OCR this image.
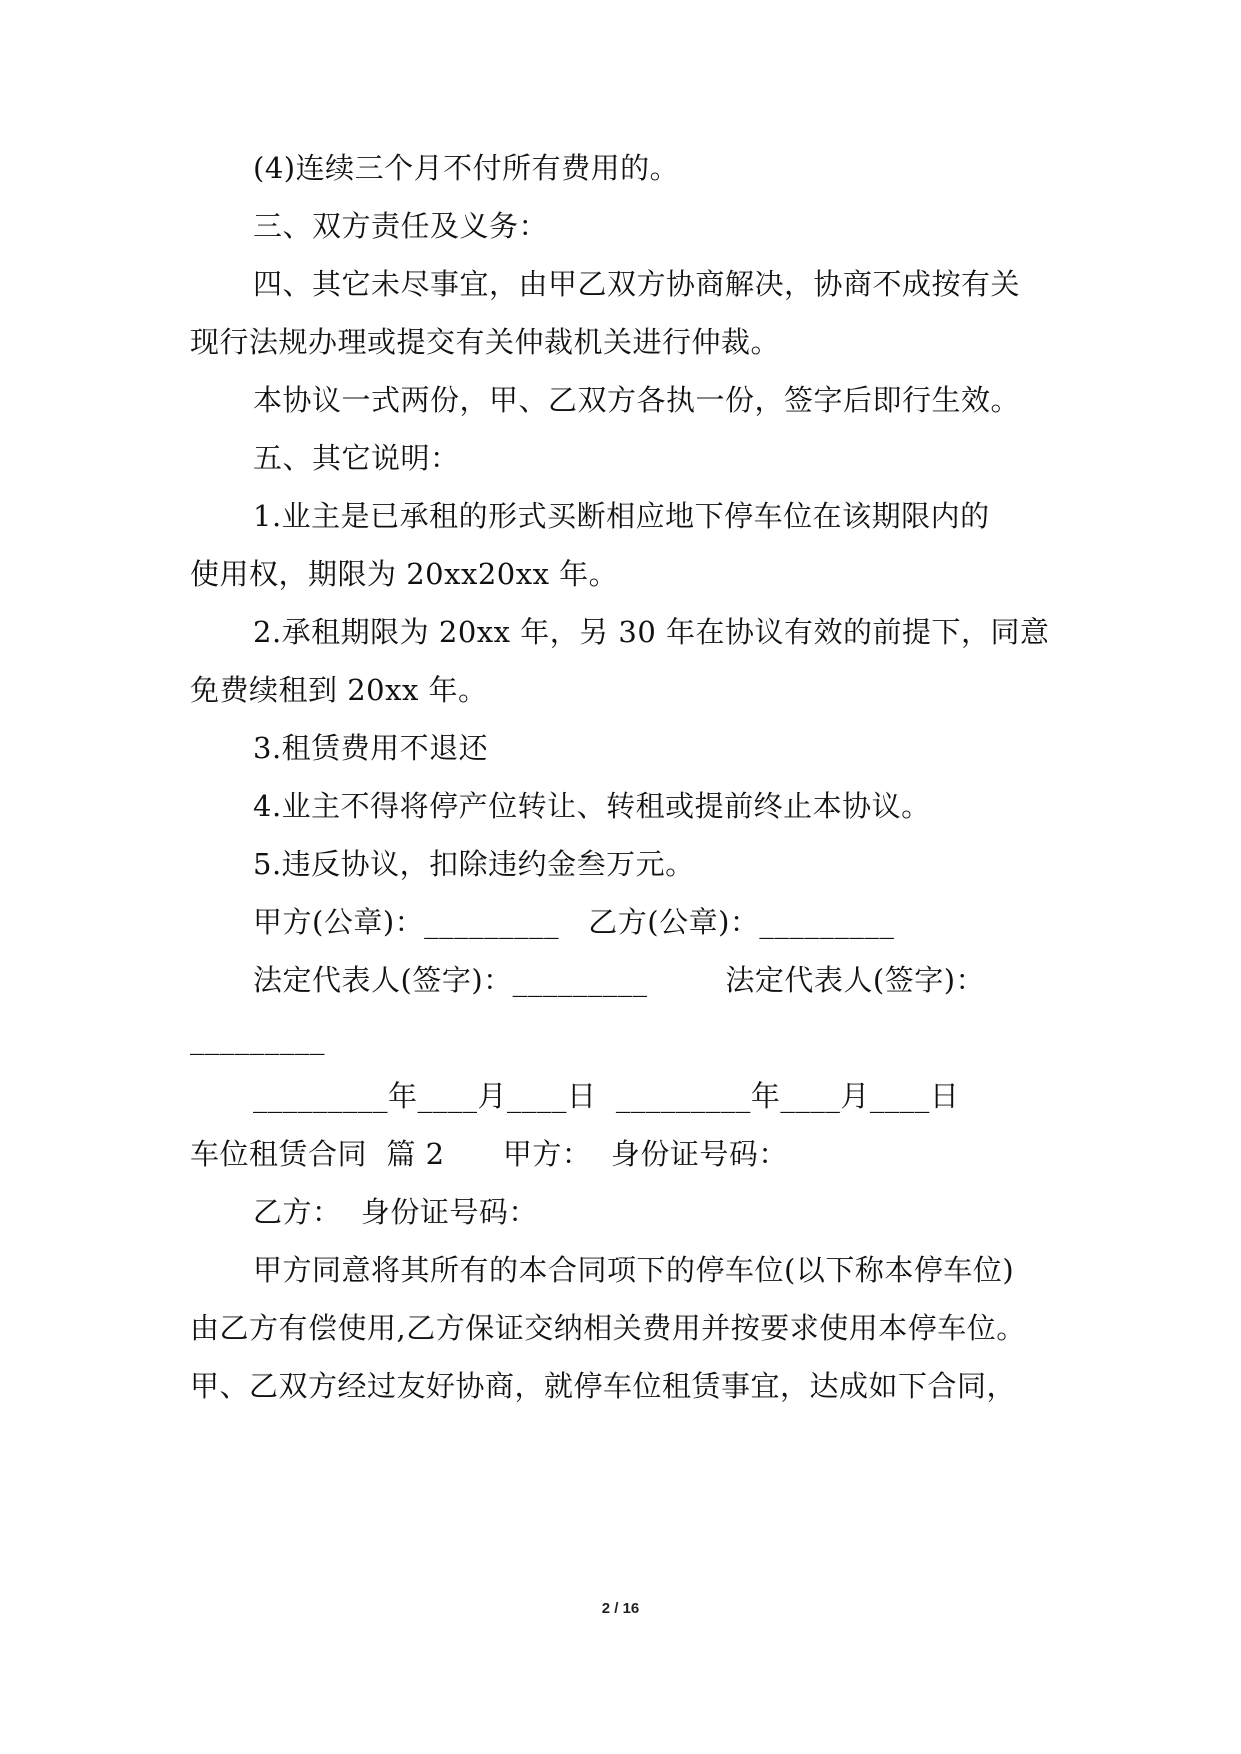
(4)连续三个月不付所有费用的。
三、双方责任及义务：
四、其它未尽事宜，由甲乙双方协商解决，协商不成按有关
现行法规办理或提交有关仲裁机关进行仲裁。
本协议一式两份，甲、乙双方各执一份，签字后即行生效。
五、其它说明：
1.业主是已承租的形式买断相应地下停车位在该期限内的
使用权，期限为 20xx20xx 年。
2.承租期限为 20xx 年，另 30 年在协议有效的前提下，同意
免费续租到 20xx 年。
3.租赁费用不退还
4.业主不得将停产位转让、转租或提前终止本协议。
5.违反协议，扣除违约金叁万元。
甲方(公章)：_________   乙方(公章)：_________
法定代表人(签字)：_________        法定代表人(签字)：
_________
_________年____月____日  _________年____月____日
车位租赁合同  篇 2      甲方：  身份证号码：
乙方：  身份证号码：
甲方同意将其所有的本合同项下的停车位(以下称本停车位)
由乙方有偿使用,乙方保证交纳相关费用并按要求使用本停车位。
甲、乙双方经过友好协商，就停车位租赁事宜，达成如下合同，
2 / 16
